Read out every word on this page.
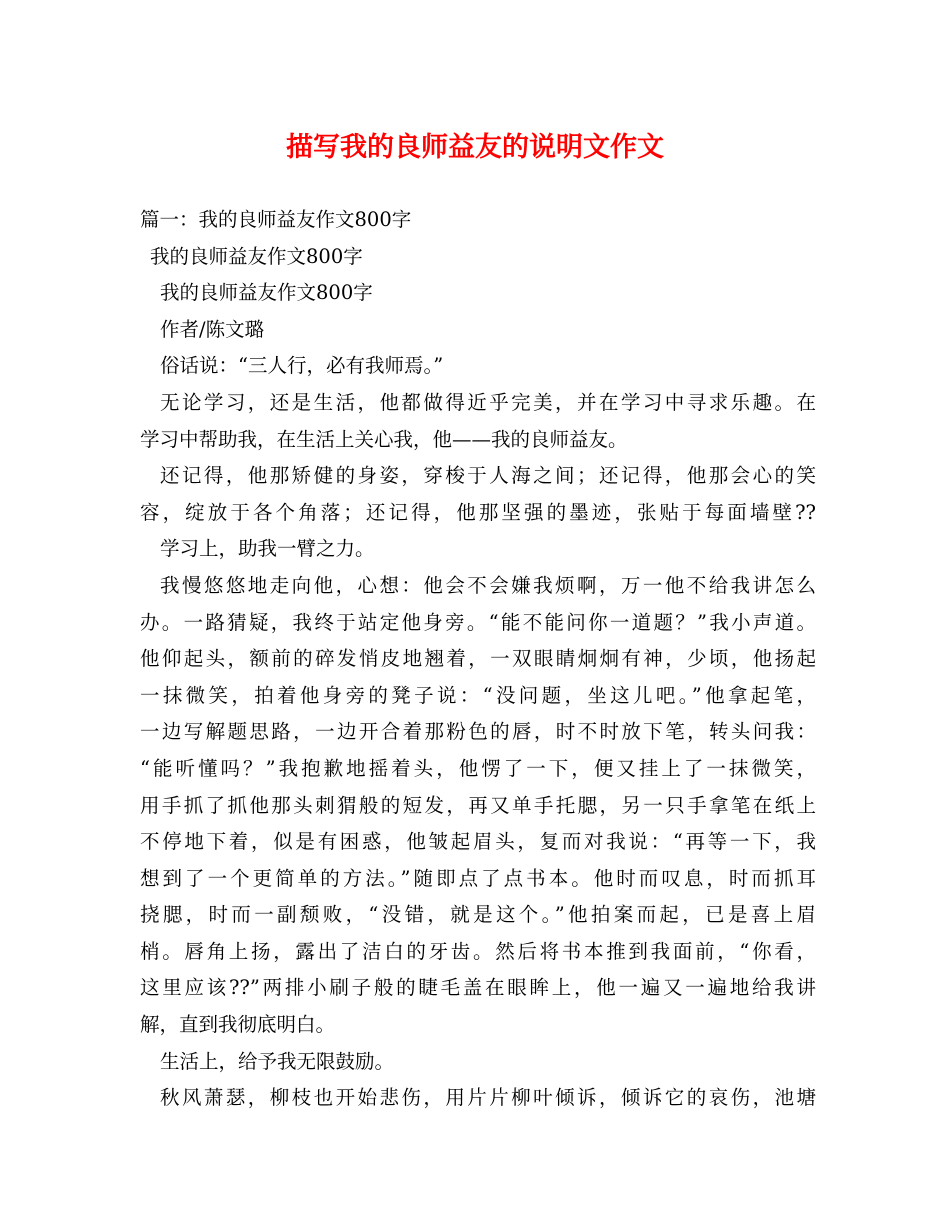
描写我的良师益友的说明文作文

篇一：我的良师益友作文800字

我的良师益友作文800字

我的良师益友作文800字

作者/陈文璐

俗话说：“三人行，必有我师焉。”

无论学习，还是生活，他都做得近乎完美，并在学习中寻求乐趣。在

学习中帮助我，在生活上关心我，他——我的良师益友。

还记得，他那矫健的身姿，穿梭于人海之间；还记得，他那会心的笑

容，绽放于各个角落；还记得，他那坚强的墨迹，张贴于每面墙壁??

学习上，助我一臂之力。

我慢悠悠地走向他，心想：他会不会嫌我烦啊，万一他不给我讲怎么

办。一路猜疑，我终于站定他身旁。“能不能问你一道题？”我小声道。

他仰起头，额前的碎发悄皮地翘着，一双眼睛炯炯有神，少顷，他扬起

一抹微笑，拍着他身旁的凳子说：“没问题，坐这儿吧。”他拿起笔，

一边写解题思路，一边开合着那粉色的唇，时不时放下笔，转头问我：

“能听懂吗？”我抱歉地摇着头，他愣了一下，便又挂上了一抹微笑，

用手抓了抓他那头刺猬般的短发，再又单手托腮，另一只手拿笔在纸上

不停地下着，似是有困惑，他皱起眉头，复而对我说：“再等一下，我

想到了一个更简单的方法。”随即点了点书本。他时而叹息，时而抓耳

挠腮，时而一副颓败，“没错，就是这个。”他拍案而起，已是喜上眉

梢。唇角上扬，露出了洁白的牙齿。然后将书本推到我面前，“你看，

这里应该??”两排小刷子般的睫毛盖在眼眸上，他一遍又一遍地给我讲

解，直到我彻底明白。

生活上，给予我无限鼓励。

秋风萧瑟，柳枝也开始悲伤，用片片柳叶倾诉，倾诉它的哀伤，池塘
